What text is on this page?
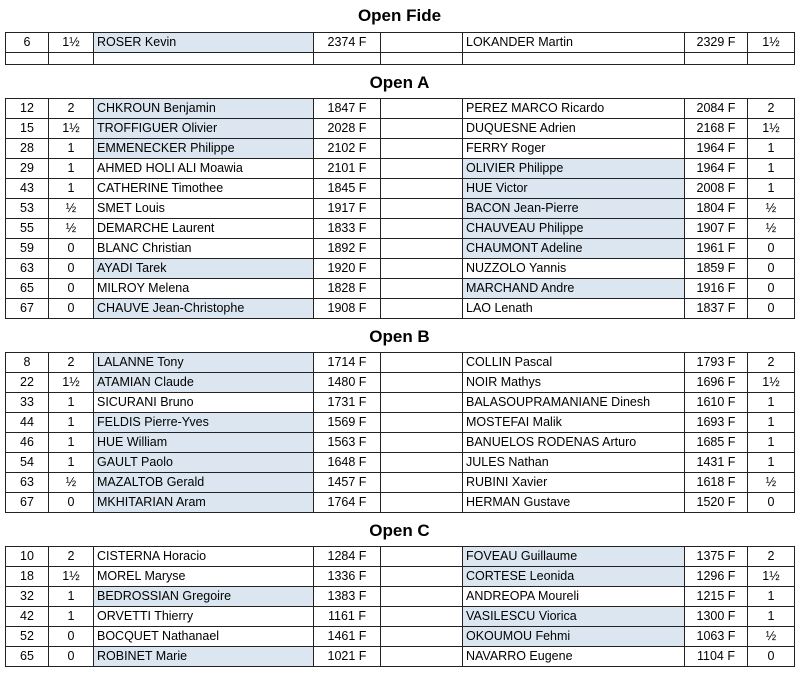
Open Fide
6	1½	ROSER Kevin	2374 F	LOKANDER Martin	2329 F	1½
Open A
12	2	CHKROUN Benjamin	1847 F	PEREZ MARCO Ricardo	2084 F	2
15	1½	TROFFIGUER Olivier	2028 F	DUQUESNE Adrien	2168 F	1½
28	1	EMMENECKER Philippe	2102 F	FERRY Roger	1964 F	1
29	1	AHMED HOLI ALI Moawia	2101 F	OLIVIER Philippe	1964 F	1
43	1	CATHERINE Timothee	1845 F	HUE Victor	2008 F	1
53	½	SMET Louis	1917 F	BACON Jean-Pierre	1804 F	½
55	½	DEMARCHE Laurent	1833 F	CHAUVEAU Philippe	1907 F	½
59	0	BLANC Christian	1892 F	CHAUMONT Adeline	1961 F	0
63	0	AYADI Tarek	1920 F	NUZZOLO Yannis	1859 F	0
65	0	MILROY Melena	1828 F	MARCHAND Andre	1916 F	0
67	0	CHAUVE Jean-Christophe	1908 F	LAO Lenath	1837 F	0
Open B
8	2	LALANNE Tony	1714 F	COLLIN Pascal	1793 F	2
22	1½	ATAMIAN Claude	1480 F	NOIR Mathys	1696 F	1½
33	1	SICURANI Bruno	1731 F	BALASOUPRAMANIANE Dinesh	1610 F	1
44	1	FELDIS Pierre-Yves	1569 F	MOSTEFAI Malik	1693 F	1
46	1	HUE William	1563 F	BANUELOS RODENAS Arturo	1685 F	1
54	1	GAULT Paolo	1648 F	JULES Nathan	1431 F	1
63	½	MAZALTOB Gerald	1457 F	RUBINI Xavier	1618 F	½
67	0	MKHITARIAN Aram	1764 F	HERMAN Gustave	1520 F	0
Open C
10	2	CISTERNA Horacio	1284 F	FOVEAU Guillaume	1375 F	2
18	1½	MOREL Maryse	1336 F	CORTESE Leonida	1296 F	1½
32	1	BEDROSSIAN Gregoire	1383 F	ANDREOPA Moureli	1215 F	1
42	1	ORVETTI Thierry	1161 F	VASILESCU Viorica	1300 F	1
52	0	BOCQUET Nathanael	1461 F	OKOUMOU Fehmi	1063 F	½
65	0	ROBINET Marie	1021 F	NAVARRO Eugene	1104 F	0
